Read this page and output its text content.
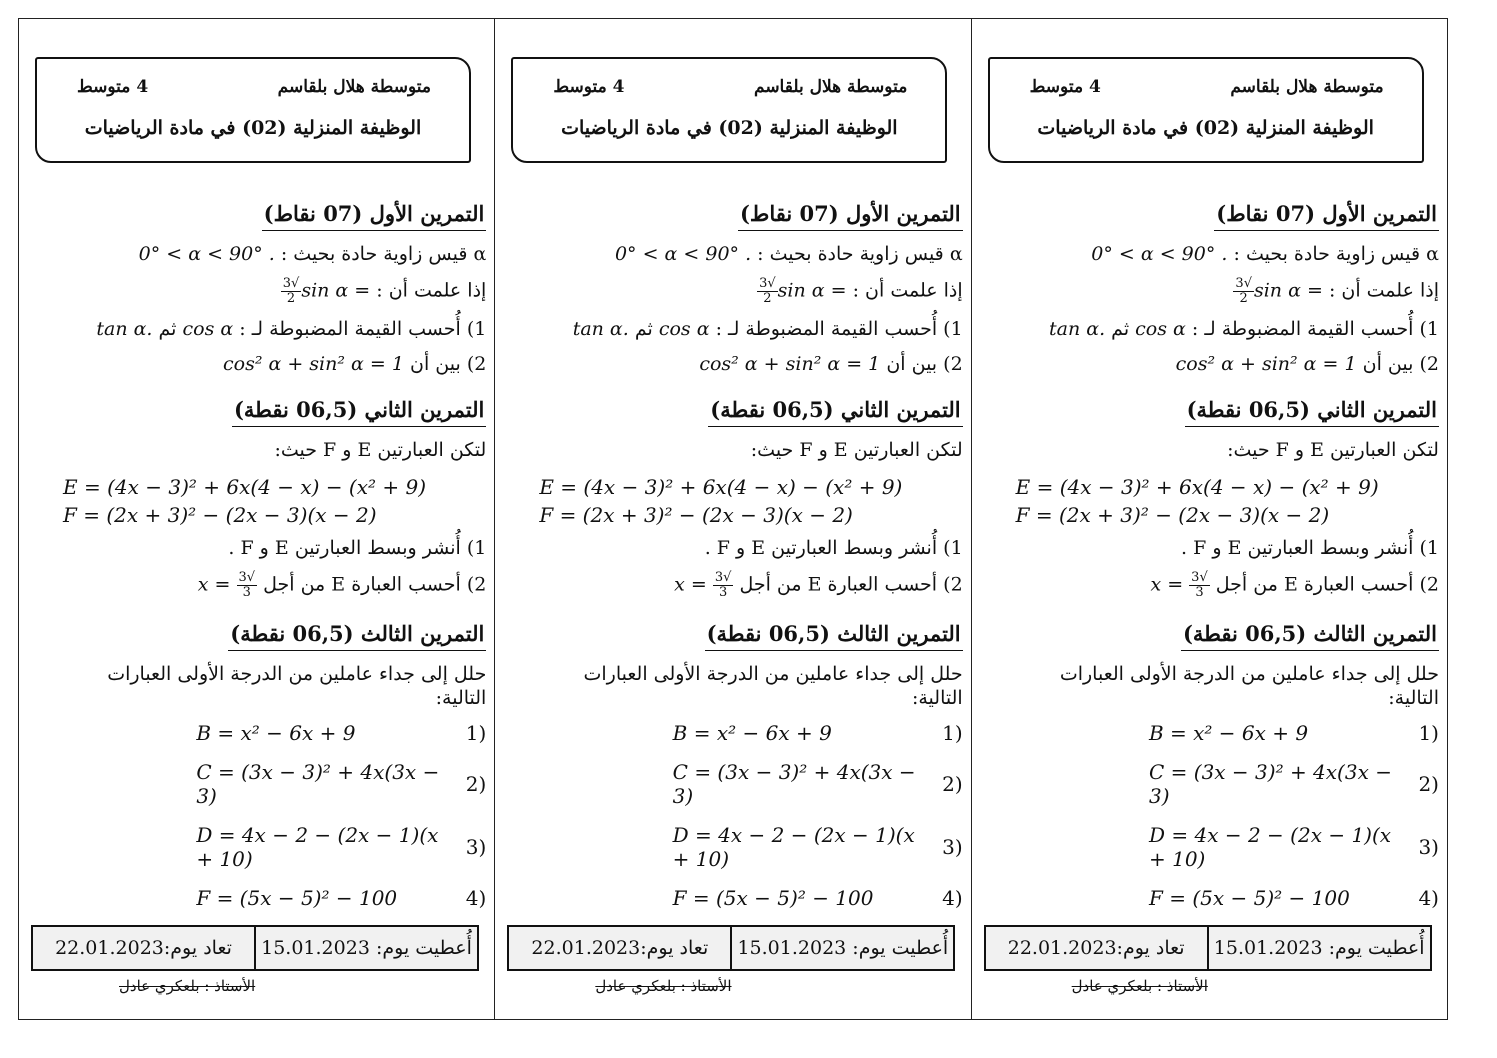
متوسطة هلال بلقاسم
4 متوسط
الوظيفة المنزلية (02) في مادة الرياضيات
التمرين الأول (07 نقاط)
α قيس زاوية حادة بحيث : 0° < α < 90° .
إذا علمت أن : sin α =
$\frac{√3}{2}$
1) أُحسب القيمة المضبوطة لـ : cos α ثم tan α.
2) بين أن cos² α + sin² α = 1
التمرين الثاني (06,5 نقطة)
لتكن العبارتين E و F حيث:
E = (4x − 3)² + 6x(4 − x) − (x² + 9)
F = (2x + 3)² − (2x − 3)(x − 2)
1) أُنشر وبسط العبارتين E و F .
2) أحسب العبارة E من أجل
$\frac{√3}{3}$
x =
التمرين الثالث (06,5 نقطة)
حلل إلى جداء عاملين من الدرجة الأولى العبارات التالية:
(1
B = x² − 6x + 9
(2
C = (3x − 3)² + 4x(3x − 3)
(3
D = 4x − 2 − (2x − 1)(x + 10)
(4
F = (5x − 5)² − 100
أُعطيت يوم:

15.01.2023
تعاد يوم:
22.01.2023
الأستاذ : بلعكري عادل
متوسطة هلال بلقاسم
4 متوسط
الوظيفة المنزلية (02) في مادة الرياضيات
التمرين الأول (07 نقاط)
α قيس زاوية حادة بحيث : 0° < α < 90° .
إذا علمت أن : sin α =
$\frac{√3}{2}$
1) أُحسب القيمة المضبوطة لـ : cos α ثم tan α.
2) بين أن cos² α + sin² α = 1
التمرين الثاني (06,5 نقطة)
لتكن العبارتين E و F حيث:
E = (4x − 3)² + 6x(4 − x) − (x² + 9)
F = (2x + 3)² − (2x − 3)(x − 2)
1) أُنشر وبسط العبارتين E و F .
2) أحسب العبارة E من أجل
$\frac{√3}{3}$
x =
التمرين الثالث (06,5 نقطة)
حلل إلى جداء عاملين من الدرجة الأولى العبارات التالية:
(1
B = x² − 6x + 9
(2
C = (3x − 3)² + 4x(3x − 3)
(3
D = 4x − 2 − (2x − 1)(x + 10)
(4
F = (5x − 5)² − 100
أُعطيت يوم:

15.01.2023
تعاد يوم:
22.01.2023
الأستاذ : بلعكري عادل
متوسطة هلال بلقاسم
4 متوسط
الوظيفة المنزلية (02) في مادة الرياضيات
التمرين الأول (07 نقاط)
α قيس زاوية حادة بحيث : 0° < α < 90° .
إذا علمت أن : sin α =
$\frac{√3}{2}$
1) أُحسب القيمة المضبوطة لـ : cos α ثم tan α.
2) بين أن cos² α + sin² α = 1
التمرين الثاني (06,5 نقطة)
لتكن العبارتين E و F حيث:
E = (4x − 3)² + 6x(4 − x) − (x² + 9)
F = (2x + 3)² − (2x − 3)(x − 2)
1) أُنشر وبسط العبارتين E و F .
2) أحسب العبارة E من أجل
$\frac{√3}{3}$
x =
التمرين الثالث (06,5 نقطة)
حلل إلى جداء عاملين من الدرجة الأولى العبارات التالية:
(1
B = x² − 6x + 9
(2
C = (3x − 3)² + 4x(3x − 3)
(3
D = 4x − 2 − (2x − 1)(x + 10)
(4
F = (5x − 5)² − 100
أُعطيت يوم:

15.01.2023
تعاد يوم:
22.01.2023
الأستاذ : بلعكري عادل
